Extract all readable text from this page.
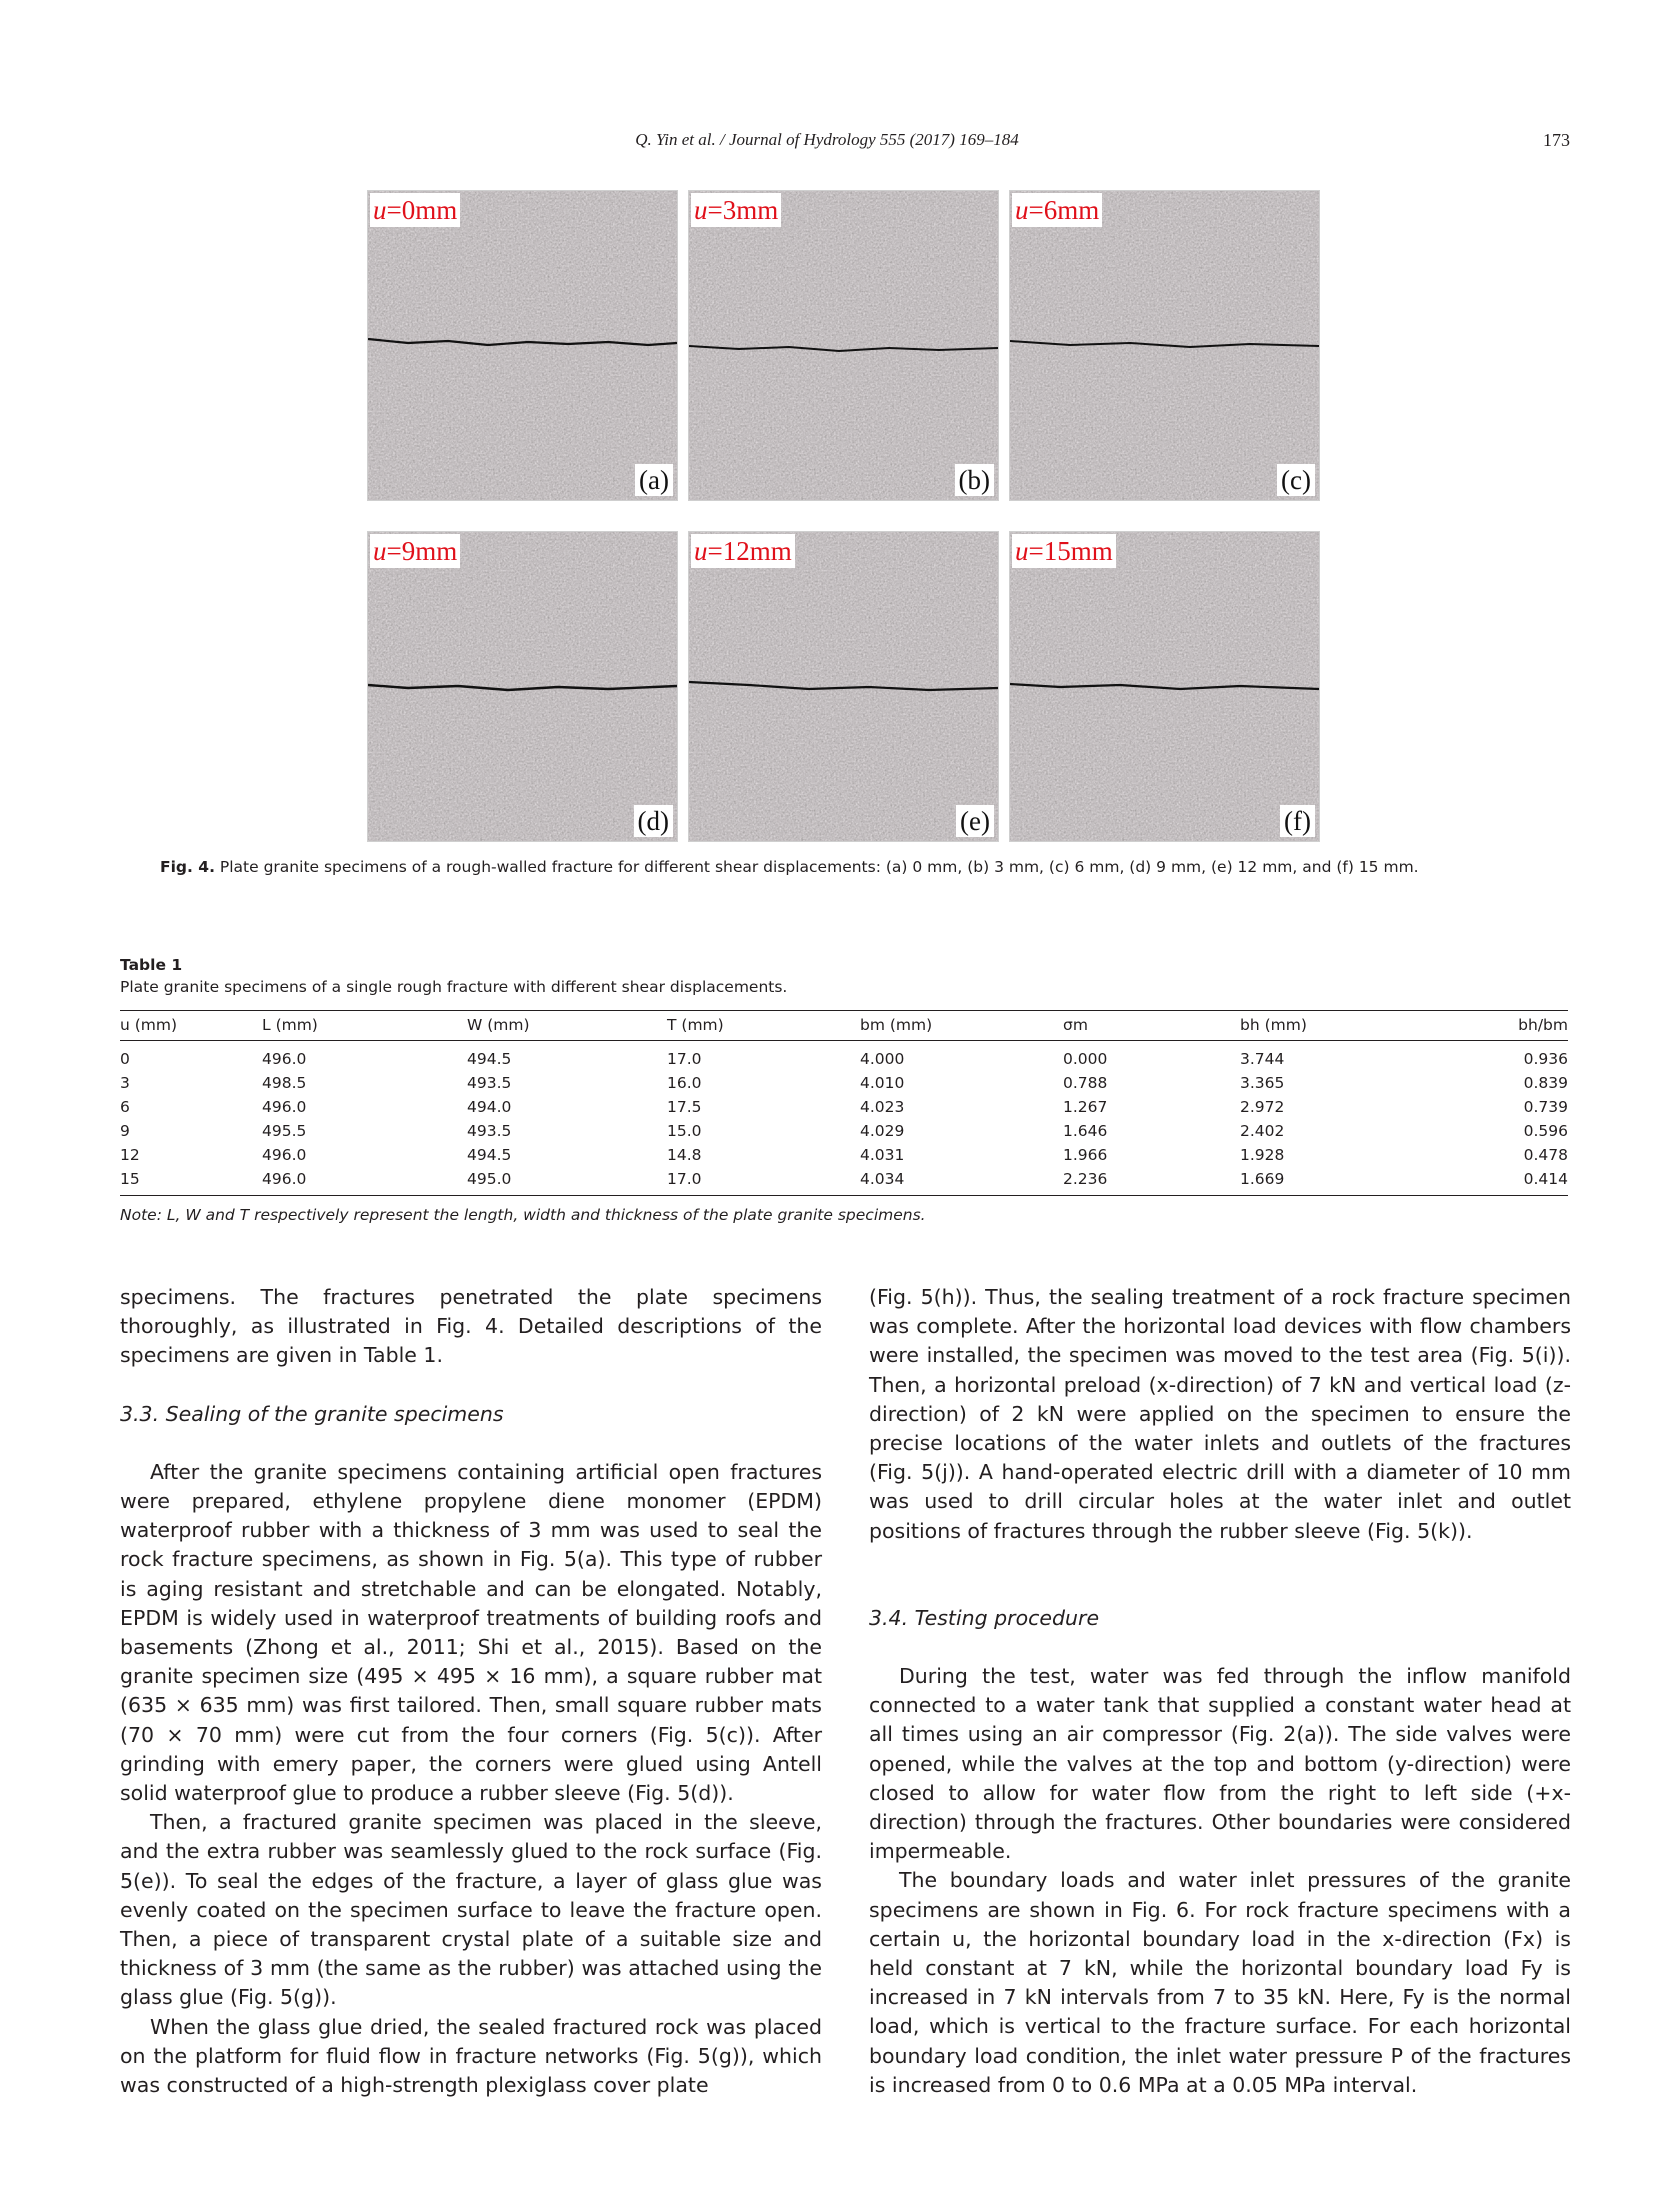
Q. Yin et al. / Journal of Hydrology 555 (2017) 169–184	173
u=0mm
(a)
u=3mm
(b)
u=6mm
(c)
u=9mm
(d)
u=12mm
(e)
u=15mm
(f)
Fig. 4. Plate granite specimens of a rough-walled fracture for different shear displacements: (a) 0 mm, (b) 3 mm, (c) 6 mm, (d) 9 mm, (e) 12 mm, and (f) 15 mm.
Table 1
Plate granite specimens of a single rough fracture with different shear displacements.
u (mm)	L (mm)	W (mm)	T (mm)	bm (mm)	σm	bh (mm)	bh/bm
0	496.0	494.5	17.0	4.000	0.000	3.744	0.936
3	498.5	493.5	16.0	4.010	0.788	3.365	0.839
6	496.0	494.0	17.5	4.023	1.267	2.972	0.739
9	495.5	493.5	15.0	4.029	1.646	2.402	0.596
12	496.0	494.5	14.8	4.031	1.966	1.928	0.478
15	496.0	495.0	17.0	4.034	2.236	1.669	0.414
Note: L, W and T respectively represent the length, width and thickness of the plate granite specimens.

specimens. The fractures penetrated the plate specimens thoroughly, as illustrated in Fig. 4. Detailed descriptions of the specimens are given in Table 1.

3.3. Sealing of the granite specimens

After the granite specimens containing artificial open fractures were prepared, ethylene propylene diene monomer (EPDM) waterproof rubber with a thickness of 3 mm was used to seal the rock fracture specimens, as shown in Fig. 5(a). This type of rubber is aging resistant and stretchable and can be elongated. Notably, EPDM is widely used in waterproof treatments of building roofs and basements (Zhong et al., 2011; Shi et al., 2015). Based on the granite specimen size (495 × 495 × 16 mm), a square rubber mat (635 × 635 mm) was first tailored. Then, small square rubber mats (70 × 70 mm) were cut from the four corners (Fig. 5(c)). After grinding with emery paper, the corners were glued using Antell solid waterproof glue to produce a rubber sleeve (Fig. 5(d)).

Then, a fractured granite specimen was placed in the sleeve, and the extra rubber was seamlessly glued to the rock surface (Fig. 5(e)). To seal the edges of the fracture, a layer of glass glue was evenly coated on the specimen surface to leave the fracture open. Then, a piece of transparent crystal plate of a suitable size and thickness of 3 mm (the same as the rubber) was attached using the glass glue (Fig. 5(g)).

When the glass glue dried, the sealed fractured rock was placed on the platform for fluid flow in fracture networks (Fig. 5(g)), which was constructed of a high-strength plexiglass cover plate

(Fig. 5(h)). Thus, the sealing treatment of a rock fracture specimen was complete. After the horizontal load devices with flow chambers were installed, the specimen was moved to the test area (Fig. 5(i)). Then, a horizontal preload (x-direction) of 7 kN and vertical load (z-direction) of 2 kN were applied on the specimen to ensure the precise locations of the water inlets and outlets of the fractures (Fig. 5(j)). A hand-operated electric drill with a diameter of 10 mm was used to drill circular holes at the water inlet and outlet positions of fractures through the rubber sleeve (Fig. 5(k)).

3.4. Testing procedure

During the test, water was fed through the inflow manifold connected to a water tank that supplied a constant water head at all times using an air compressor (Fig. 2(a)). The side valves were opened, while the valves at the top and bottom (y-direction) were closed to allow for water flow from the right to left side (+x-direction) through the fractures. Other boundaries were considered impermeable.

The boundary loads and water inlet pressures of the granite specimens are shown in Fig. 6. For rock fracture specimens with a certain u, the horizontal boundary load in the x-direction (Fx) is held constant at 7 kN, while the horizontal boundary load Fy is increased in 7 kN intervals from 7 to 35 kN. Here, Fy is the normal load, which is vertical to the fracture surface. For each horizontal boundary load condition, the inlet water pressure P of the fractures is increased from 0 to 0.6 MPa at a 0.05 MPa interval.
